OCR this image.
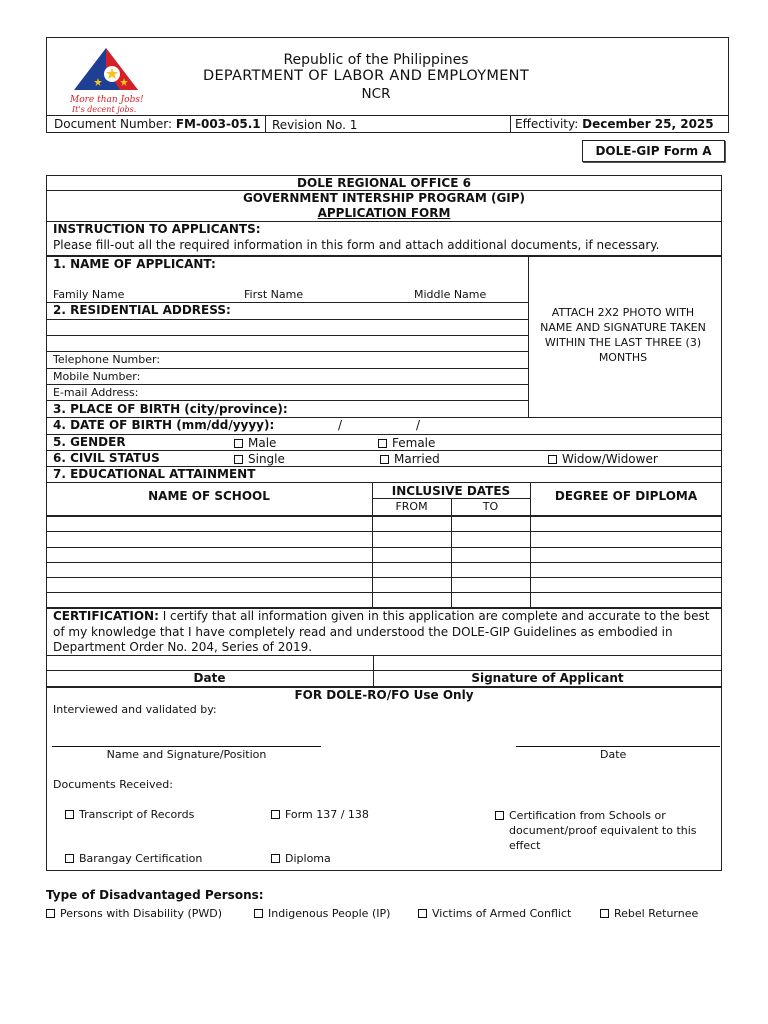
More than Jobs!
It's decent jobs.
Republic of the Philippines
DEPARTMENT OF LABOR AND EMPLOYMENT
NCR
Document Number: FM-003-05.1 Revision No. 1	Effectivity: December 25, 2025
DOLE-GIP Form A
DOLE REGIONAL OFFICE 6
GOVERNMENT INTERSHIP PROGRAM (GIP)
APPLICATION FORM
INSTRUCTION TO APPLICANTS:
Please fill-out all the required information in this form and attach additional documents, if necessary.
1. NAME OF APPLICANT:
Family Name	First Name	Middle Name
2. RESIDENTIAL ADDRESS:
Telephone Number:
Mobile Number:
E-mail Address:
ATTACH 2X2 PHOTO WITH NAME AND SIGNATURE TAKEN WITHIN THE LAST THREE (3) MONTHS
3. PLACE OF BIRTH (city/province):
4. DATE OF BIRTH (mm/dd/yyyy):	/	/
5. GENDER	Male	Female
6. CIVIL STATUS	Single	Married	Widow/Widower
7. EDUCATIONAL ATTAINMENT
NAME OF SCHOOL	INCLUSIVE DATES
FROM	TO
DEGREE OF DIPLOMA
CERTIFICATION: I certify that all information given in this application are complete and accurate to the best of my knowledge that I have completely read and understood the DOLE-GIP Guidelines as embodied in Department Order No. 204, Series of 2019.
Date	Signature of Applicant
FOR DOLE-RO/FO Use Only
Interviewed and validated by:
Name and Signature/Position	Date
Documents Received:
Transcript of Records	Form 137 / 138	Certification from Schools or document/proof equivalent to this effect
Barangay Certification	Diploma
Type of Disadvantaged Persons:
Persons with Disability (PWD)	Indigenous People (IP)	Victims of Armed Conflict	Rebel Returnee
